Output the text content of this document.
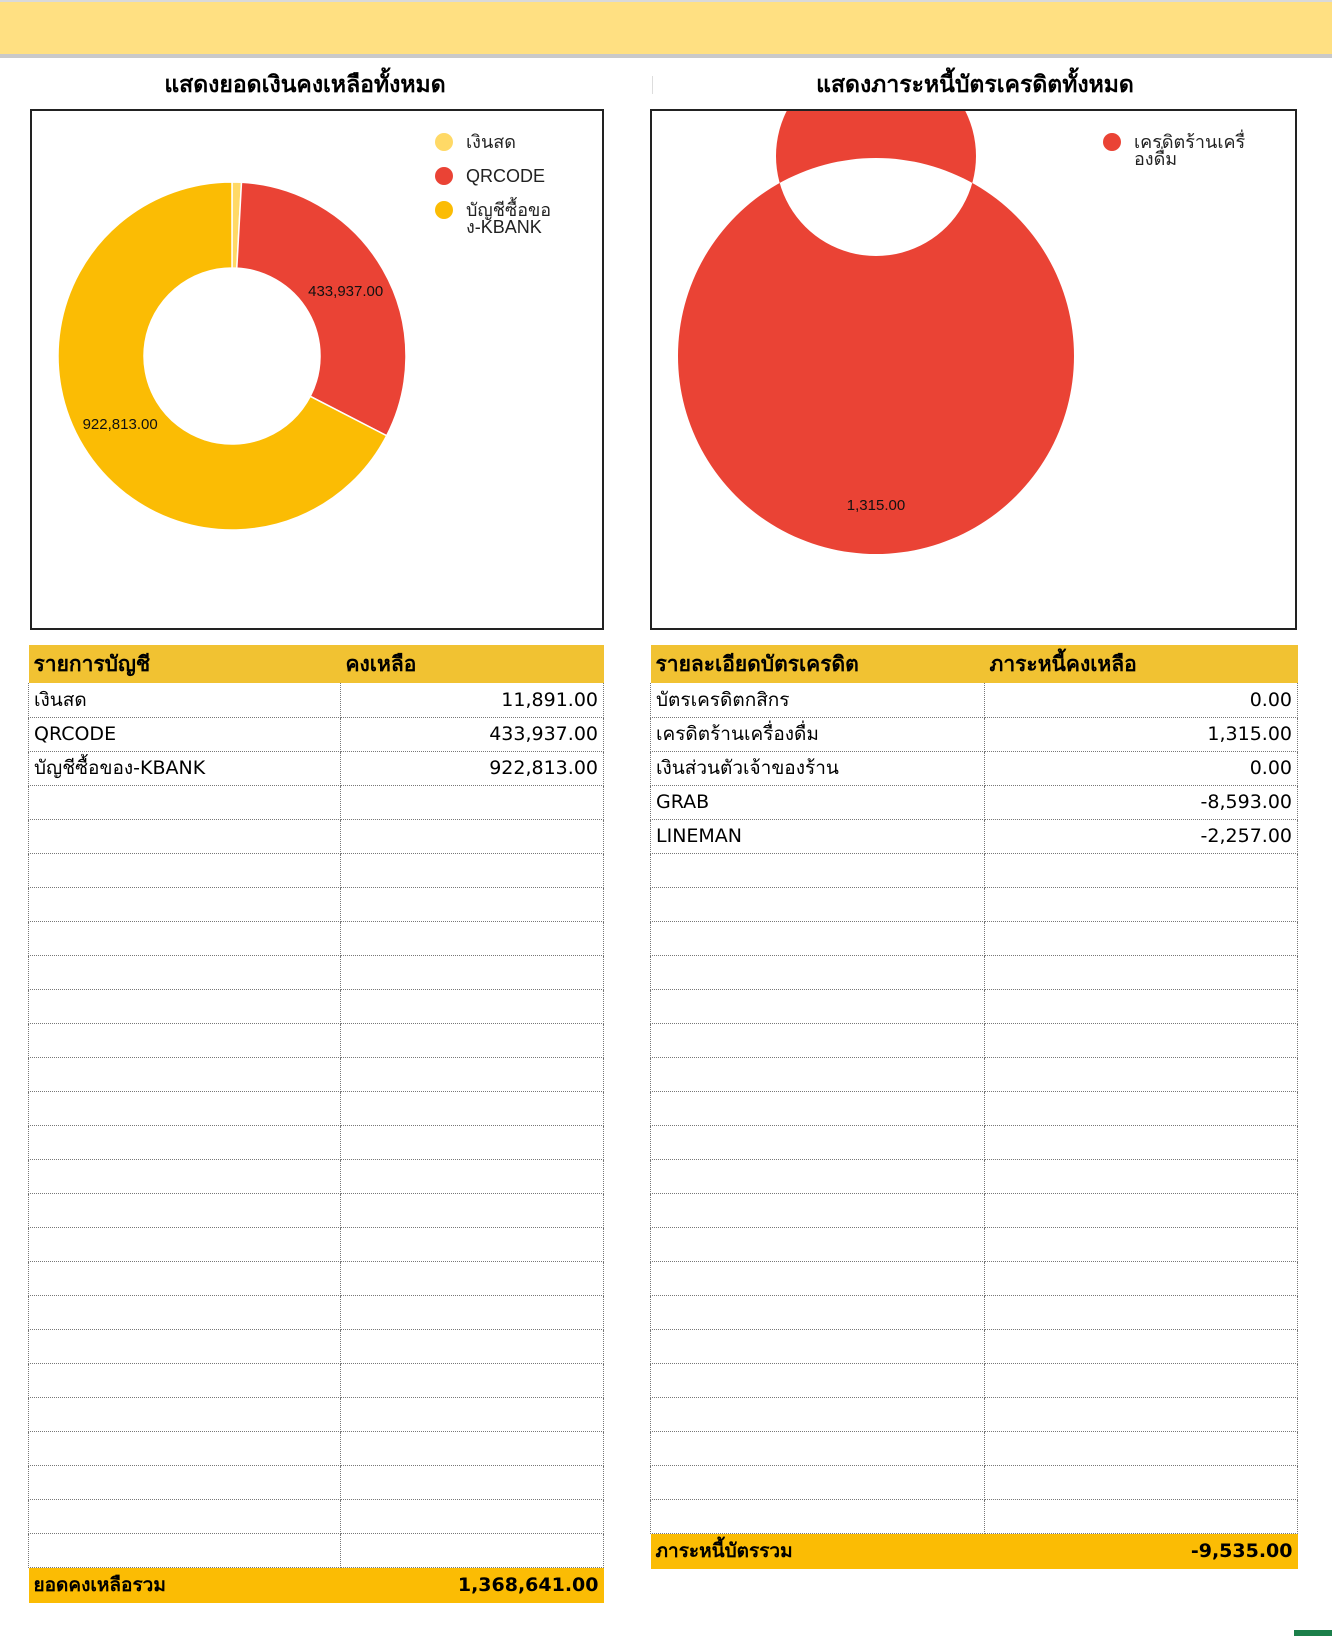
แสดงยอดเงินคงเหลือทั้งหมด	แสดงภาระหนี้บัตรเครดิตทั้งหมด
433,937.00
922,813.00
เงินสด
QRCODE
บัญชีซื้อขอ
ง-KBANK
1,315.00
เครดิตร้านเครื่
องดื่ม
รายการบัญชี	คงเหลือ
เงินสด	11,891.00
QRCODE	433,937.00
บัญชีซื้อของ-KBANK	922,813.00

ยอดคงเหลือรวม	1,368,641.00
รายละเอียดบัตรเครดิต	ภาระหนี้คงเหลือ
บัตรเครดิตกสิกร	0.00
เครดิตร้านเครื่องดื่ม	1,315.00
เงินส่วนตัวเจ้าของร้าน	0.00
GRAB	-8,593.00
LINEMAN	-2,257.00

ภาระหนี้บัตรรวม	-9,535.00
